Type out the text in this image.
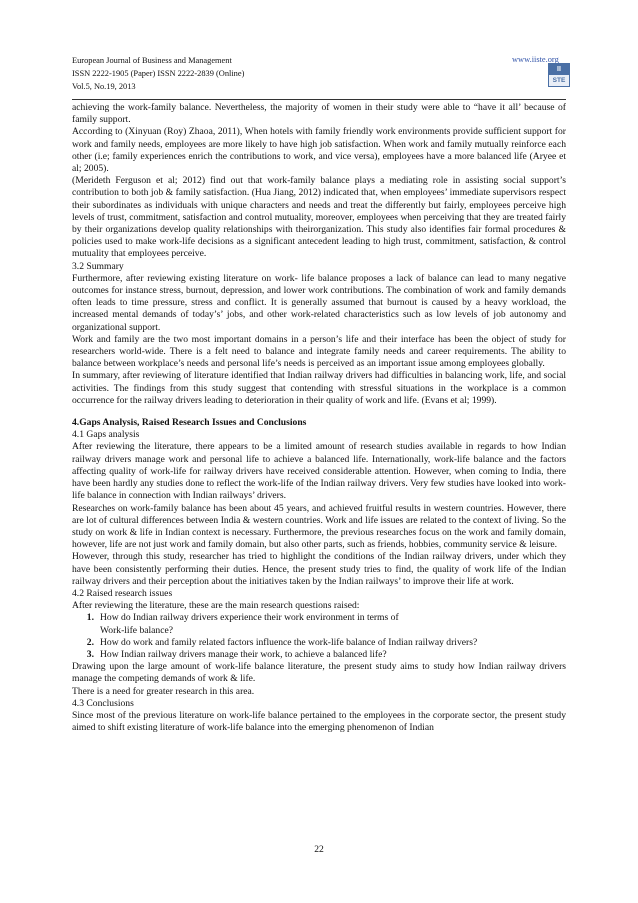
European Journal of Business and Management
ISSN 2222-1905 (Paper) ISSN 2222-2839 (Online)
Vol.5, No.19, 2013
www.iiste.org
II
STE

achieving the work-family balance. Nevertheless, the majority of women in their study were able to “have it all’ because of family support.

According to (Xinyuan (Roy) Zhaoa, 2011), When hotels with family friendly work environments provide sufficient support for work and family needs, employees are more likely to have high job satisfaction. When work and family mutually reinforce each other (i.e; family experiences enrich the contributions to work, and vice versa), employees have a more balanced life (Aryee et al; 2005).

(Merideth Ferguson et al; 2012) find out that work-family balance plays a mediating role in assisting social support’s contribution to both job & family satisfaction. (Hua Jiang, 2012) indicated that, when employees’ immediate supervisors respect their subordinates as individuals with unique characters and needs and treat the differently but fairly, employees perceive high levels of trust, commitment, satisfaction and control mutuality, moreover, employees when perceiving that they are treated fairly by their organizations develop quality relationships with theirorganization. This study also identifies fair formal procedures & policies used to make work-life decisions as a significant antecedent leading to high trust, commitment, satisfaction, & control mutuality that employees perceive.

3.2 Summary

Furthermore, after reviewing existing literature on work- life balance proposes a lack of balance can lead to many negative outcomes for instance stress, burnout, depression, and lower work contributions. The combination of work and family demands often leads to time pressure, stress and conflict. It is generally assumed that burnout is caused by a heavy workload, the increased mental demands of today’s’ jobs, and other work-related characteristics such as low levels of job autonomy and organizational support.

Work and family are the two most important domains in a person’s life and their interface has been the object of study for researchers world-wide. There is a felt need to balance and integrate family needs and career requirements. The ability to balance between workplace’s needs and personal life’s needs is perceived as an important issue among employees globally.

In summary, after reviewing of literature identified that Indian railway drivers had difficulties in balancing work, life, and social activities. The findings from this study suggest that contending with stressful situations in the workplace is a common occurrence for the railway drivers leading to deterioration in their quality of work and life. (Evans et al; 1999).

4.Gaps Analysis, Raised Research Issues and Conclusions

4.1 Gaps analysis

After reviewing the literature, there appears to be a limited amount of research studies available in regards to how Indian railway drivers manage work and personal life to achieve a balanced life. Internationally, work-life balance and the factors affecting quality of work-life for railway drivers have received considerable attention. However, when coming to India, there have been hardly any studies done to reflect the work-life of the Indian railway drivers. Very few studies have looked into work-life balance in connection with Indian railways’ drivers.

Researches on work-family balance has been about 45 years, and achieved fruitful results in western countries. However, there are lot of cultural differences between India & western countries. Work and life issues are related to the context of living. So the study on work & life in Indian context is necessary. Furthermore, the previous researches focus on the work and family domain, however, life are not just work and family domain, but also other parts, such as friends, hobbies, community service & leisure.

However, through this study, researcher has tried to highlight the conditions of the Indian railway drivers, under which they have been consistently performing their duties. Hence, the present study tries to find, the quality of work life of the Indian railway drivers and their perception about the initiatives taken by the Indian railways’ to improve their life at work.

4.2 Raised research issues

After reviewing the literature, these are the main research questions raised:

1. How do Indian railway drivers experience their work environment in terms of
Work-life balance?
2. How do work and family related factors influence the work-life balance of Indian railway drivers?
3. How Indian railway drivers manage their work, to achieve a balanced life?

Drawing upon the large amount of work-life balance literature, the present study aims to study how Indian railway drivers manage the competing demands of work & life.

There is a need for greater research in this area.

4.3 Conclusions

Since most of the previous literature on work-life balance pertained to the employees in the corporate sector, the present study aimed to shift existing literature of work-life balance into the emerging phenomenon of Indian

22
